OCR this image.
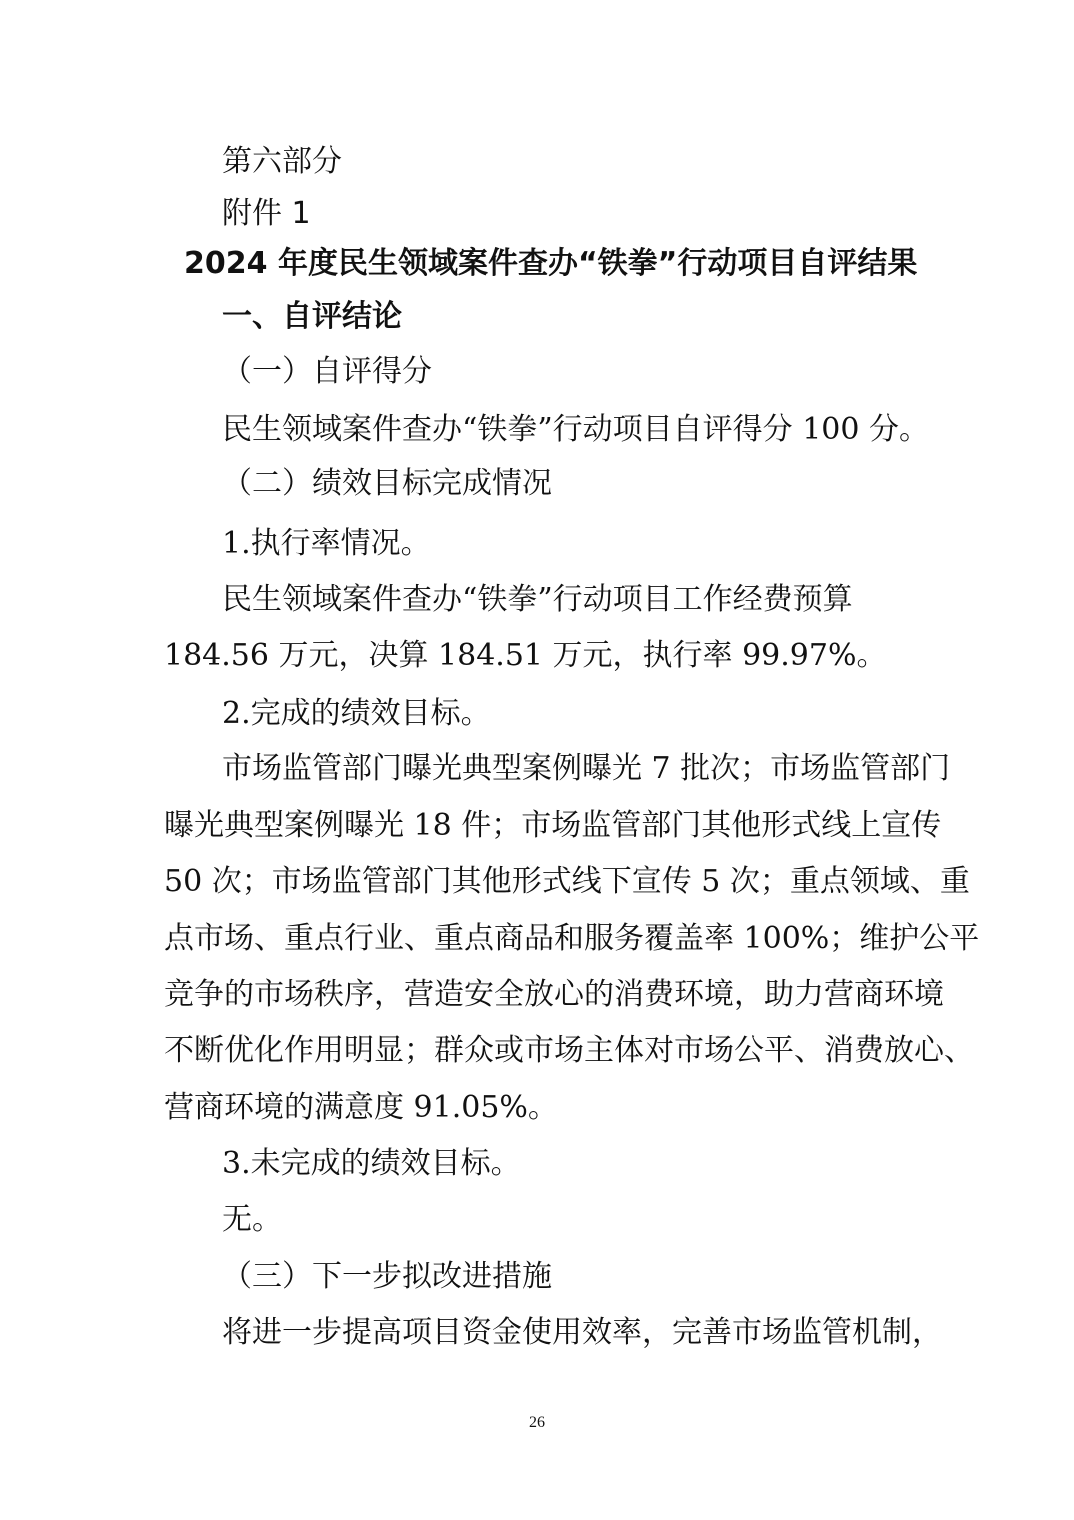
第六部分
附件 1
2024 年度民生领域案件查办“铁拳”行动项目自评结果
一、自评结论
（一）自评得分
民生领域案件查办“铁拳”行动项目自评得分 100 分。
（二）绩效目标完成情况
1.执行率情况。
民生领域案件查办“铁拳”行动项目工作经费预算
184.56 万元，决算 184.51 万元，执行率 99.97%。
2.完成的绩效目标。
市场监管部门曝光典型案例曝光 7 批次；市场监管部门
曝光典型案例曝光 18 件；市场监管部门其他形式线上宣传
50 次；市场监管部门其他形式线下宣传 5 次；重点领域、重
点市场、重点行业、重点商品和服务覆盖率 100%；维护公平
竞争的市场秩序，营造安全放心的消费环境，助力营商环境
不断优化作用明显；群众或市场主体对市场公平、消费放心、
营商环境的满意度 91.05%。
3.未完成的绩效目标。
无。
（三）下一步拟改进措施
将进一步提高项目资金使用效率，完善市场监管机制，
26
